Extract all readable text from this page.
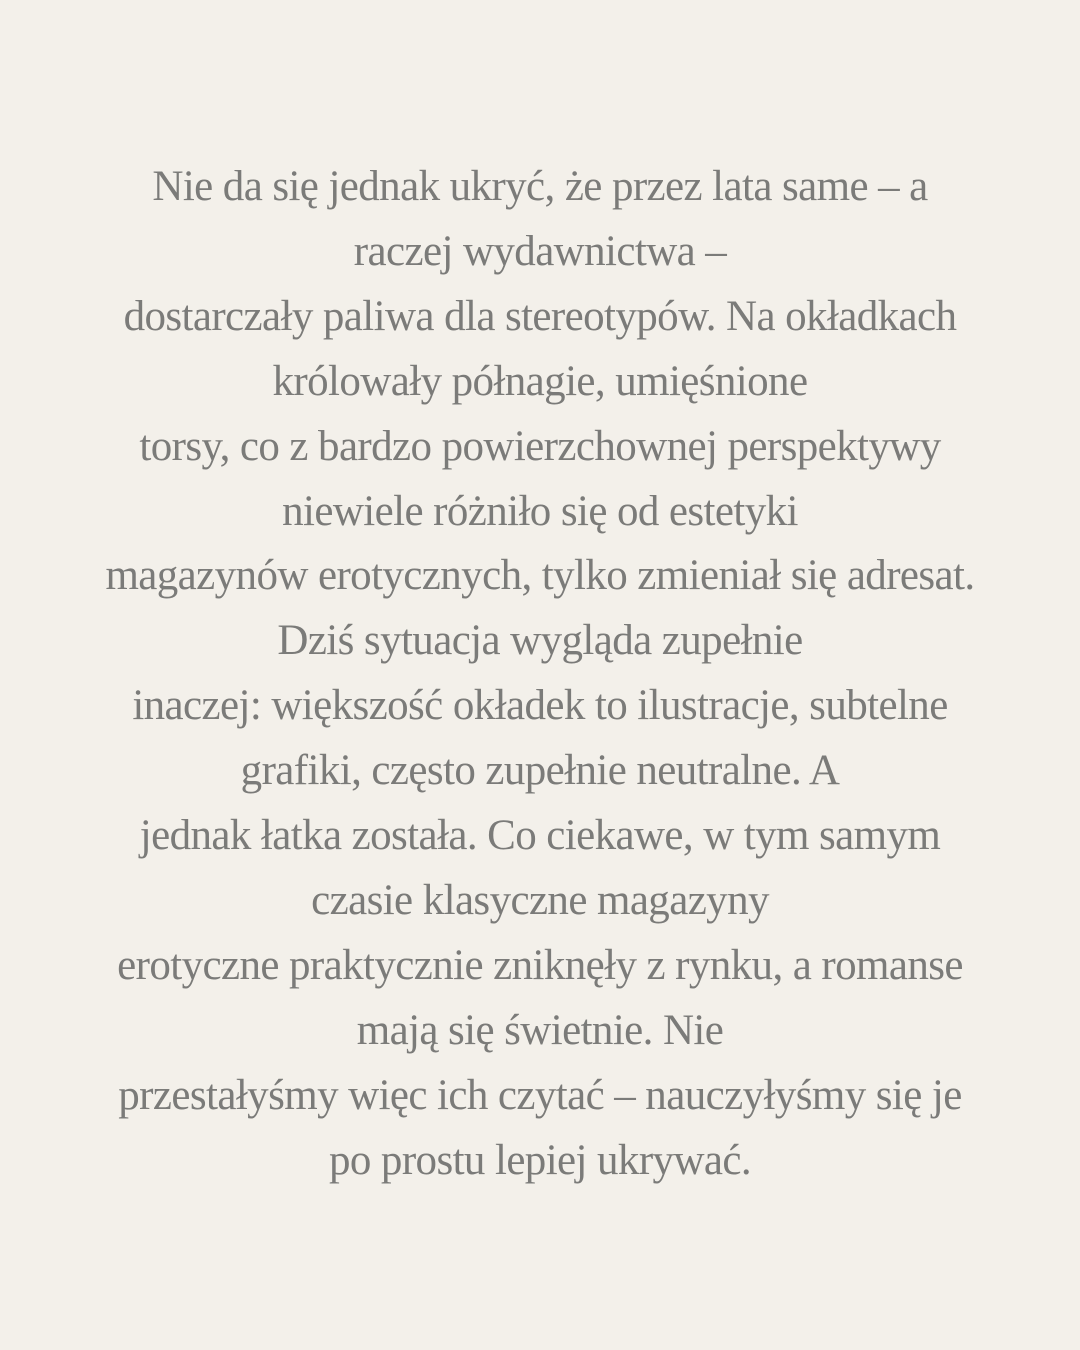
Nie da się jednak ukryć, że przez lata same – a
raczej wydawnictwa –
dostarczały paliwa dla stereotypów. Na okładkach
królowały półnagie, umięśnione
torsy, co z bardzo powierzchownej perspektywy
niewiele różniło się od estetyki
magazynów erotycznych, tylko zmieniał się adresat.
Dziś sytuacja wygląda zupełnie
inaczej: większość okładek to ilustracje, subtelne
grafiki, często zupełnie neutralne. A
jednak łatka została. Co ciekawe, w tym samym
czasie klasyczne magazyny
erotyczne praktycznie zniknęły z rynku, a romanse
mają się świetnie. Nie
przestałyśmy więc ich czytać – nauczyłyśmy się je
po prostu lepiej ukrywać.
